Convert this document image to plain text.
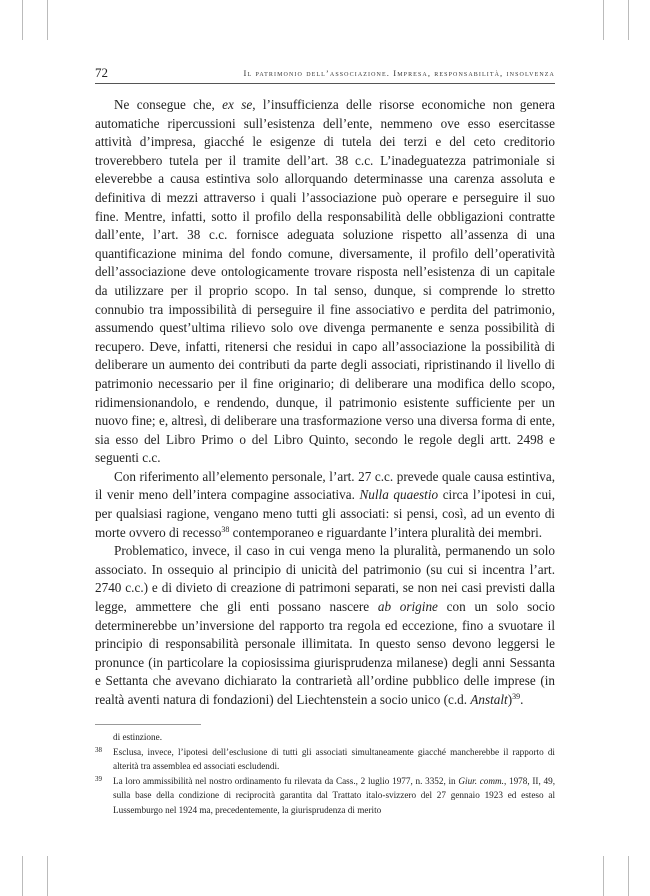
72	Il patrimonio dell’associazione. Impresa, responsabilità, insolvenza

Ne consegue che, ex se, l’insufficienza delle risorse economiche non genera automatiche ripercussioni sull’esistenza dell’ente, nemmeno ove esso esercitasse attività d’impresa, giacché le esigenze di tutela dei terzi e del ceto creditorio troverebbero tutela per il tramite dell’art. 38 c.c. L’inadeguatezza patrimoniale si eleverebbe a causa estintiva solo allorquando determinasse una carenza assoluta e definitiva di mezzi attraverso i quali l’associazione può operare e perseguire il suo fine. Mentre, infatti, sotto il profilo della responsabilità delle obbligazioni contratte dall’ente, l’art. 38 c.c. fornisce adeguata soluzione rispetto all’assenza di una quantificazione minima del fondo comune, diversamente, il profilo dell’operatività dell’associazione deve ontologicamente trovare risposta nell’esistenza di un capitale da utilizzare per il proprio scopo. In tal senso, dunque, si comprende lo stretto connubio tra impossibilità di perseguire il fine associativo e perdita del patrimonio, assumendo quest’ultima rilievo solo ove divenga permanente e senza possibilità di recupero. Deve, infatti, ritenersi che residui in capo all’associazione la possibilità di deliberare un aumento dei contributi da parte degli associati, ripristinando il livello di patrimonio necessario per il fine originario; di deliberare una modifica dello scopo, ridimensionandolo, e rendendo, dunque, il patrimonio esistente sufficiente per un nuovo fine; e, altresì, di deliberare una trasformazione verso una diversa forma di ente, sia esso del Libro Primo o del Libro Quinto, secondo le regole degli artt. 2498 e seguenti c.c.

Con riferimento all’elemento personale, l’art. 27 c.c. prevede quale causa estintiva, il venir meno dell’intera compagine associativa. Nulla quaestio circa l’ipotesi in cui, per qualsiasi ragione, vengano meno tutti gli associati: si pensi, così, ad un evento di morte ovvero di recesso$^{38}$ contemporaneo e riguardante l’intera pluralità dei membri.

Problematico, invece, il caso in cui venga meno la pluralità, permanendo un solo associato. In ossequio al principio di unicità del patrimonio (su cui si incentra l’art. 2740 c.c.) e di divieto di creazione di patrimoni separati, se non nei casi previsti dalla legge, ammettere che gli enti possano nascere ab origine con un solo socio determinerebbe un’inversione del rapporto tra regola ed eccezione, fino a svuotare il principio di responsabilità personale illimitata. In questo senso devono leggersi le pronunce (in particolare la copiosissima giurisprudenza milanese) degli anni Sessanta e Settanta che avevano dichiarato la contrarietà all’ordine pubblico delle imprese (in realtà aventi natura di fondazioni) del Liechtenstein a socio unico (c.d. Anstalt)$^{39}$.

di estinzione.

38 Esclusa, invece, l’ipotesi dell’esclusione di tutti gli associati simultaneamente giacché mancherebbe il rapporto di alterità tra assemblea ed associati escludendi.

39 La loro ammissibilità nel nostro ordinamento fu rilevata da Cass., 2 luglio 1977, n. 3352, in Giur. comm., 1978, II, 49, sulla base della condizione di reciprocità garantita dal Trattato italo-svizzero del 27 gennaio 1923 ed esteso al Lussemburgo nel 1924 ma, precedentemente, la giurisprudenza di merito
